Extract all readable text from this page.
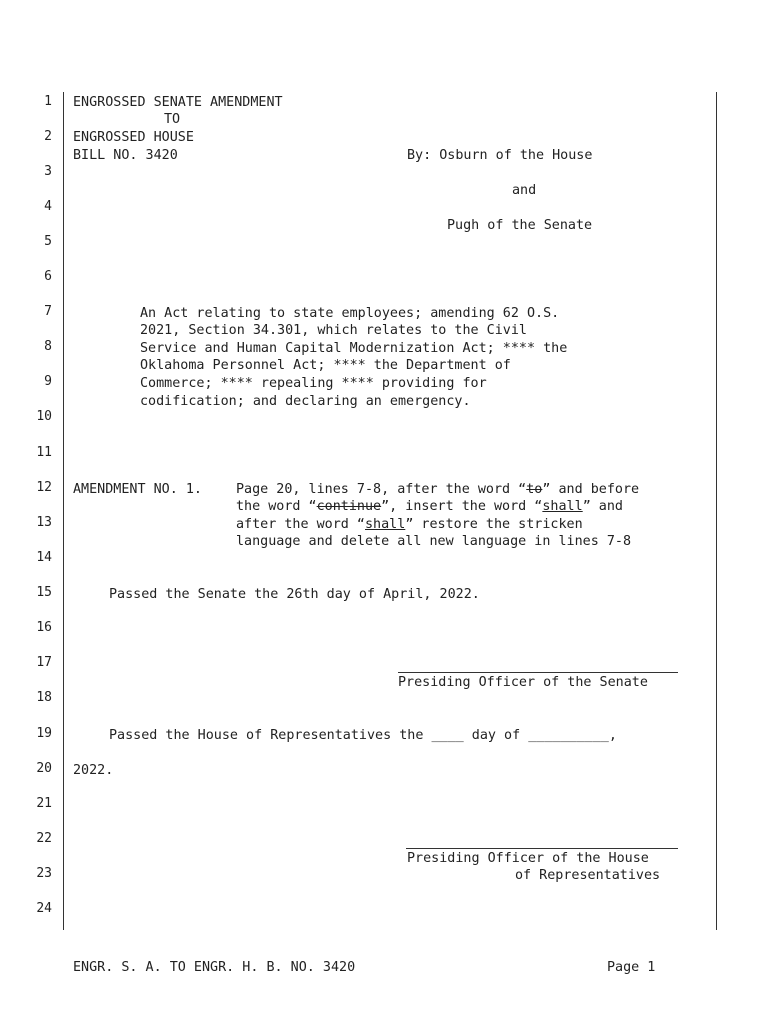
1
2
3
4
5
6
7
8
9
10
11
12
13
14
15
16
17
18
19
20
21
22
23
24
ENGROSSED SENATE AMENDMENT
TO
ENGROSSED HOUSE
BILL NO. 3420	By: Osburn of the House
and
Pugh of the Senate
An Act relating to state employees; amending 62 O.S.
2021, Section 34.301, which relates to the Civil
Service and Human Capital Modernization Act; **** the
Oklahoma Personnel Act; **** the Department of
Commerce; **** repealing **** providing for
codification; and declaring an emergency.
AMENDMENT NO. 1.	Page 20, lines 7-8, after the word “to” and before
the word “continue”, insert the word “shall” and
after the word “shall” restore the stricken
language and delete all new language in lines 7-8
Passed the Senate the 26th day of April, 2022.
Presiding Officer of the Senate
Passed the House of Representatives the ____ day of __________,
2022.
Presiding Officer of the House
of Representatives
ENGR. S. A. TO ENGR. H. B. NO. 3420	Page 1
